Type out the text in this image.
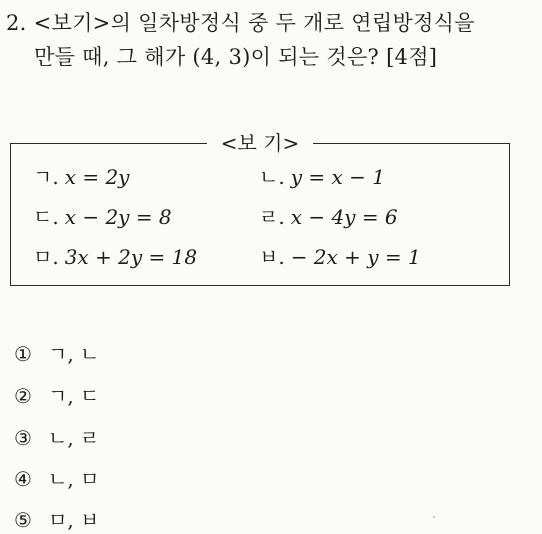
2. <보기>의 일차방정식 중 두 개로 연립방정식을
만들 때, 그 해가 (4, 3)이 되는 것은? [4점]
<보 기>
ㄱ. x = 2y	ㄴ. y = x − 1
ㄷ. x − 2y = 8	ㄹ. x − 4y = 6
ㅁ. 3x + 2y = 18	ㅂ. − 2x + y = 1
① ㄱ, ㄴ
② ㄱ, ㄷ
③ ㄴ, ㄹ
④ ㄴ, ㅁ
⑤ ㅁ, ㅂ
